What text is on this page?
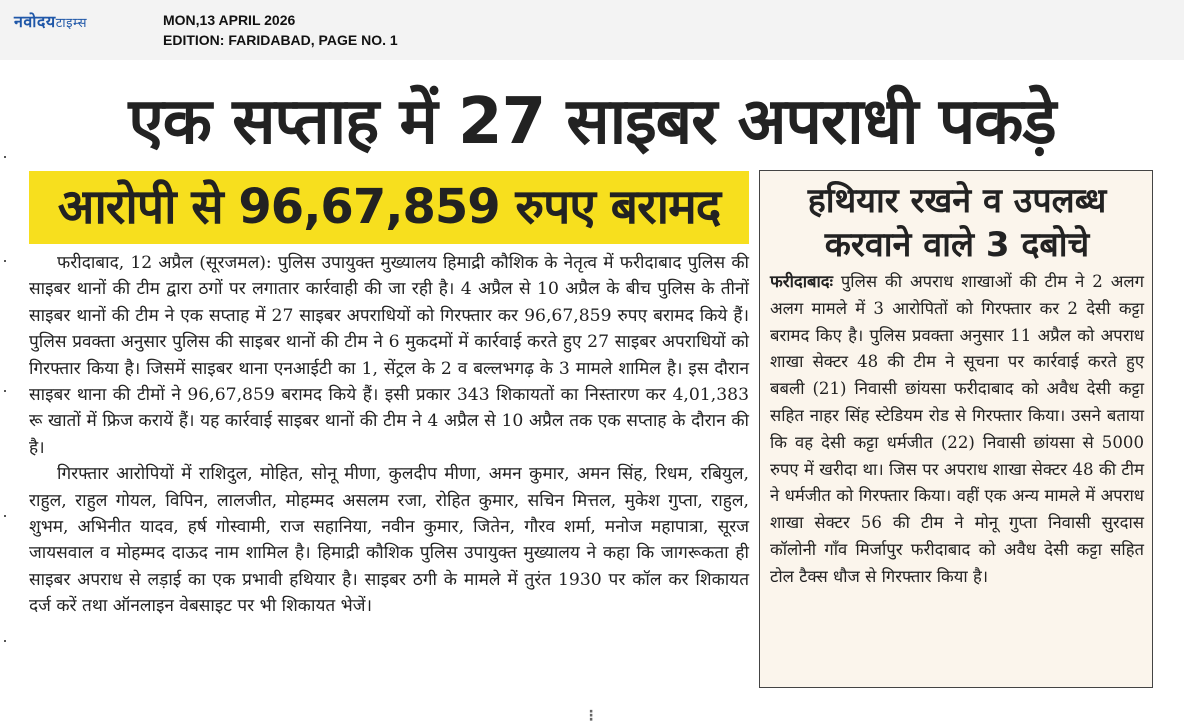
नवोदयटाइम्स	MON,13 APRIL 2026
EDITION: FARIDABAD, PAGE NO. 1
एक सप्ताह में 27 साइबर अपराधी पकड़े
आरोपी से 96,67,859 रुपए बरामद

फरीदाबाद, 12 अप्रैल (सूरजमल): पुलिस उपायुक्त मुख्यालय हिमाद्री कौशिक के नेतृत्व में फरीदाबाद पुलिस की साइबर थानों की टीम द्वारा ठगों पर लगातार कार्रवाही की जा रही है। 4 अप्रैल से 10 अप्रैल के बीच पुलिस के तीनों साइबर थानों की टीम ने एक सप्ताह में 27 साइबर अपराधियों को गिरफ्तार कर 96,67,859 रुपए बरामद किये हैं। पुलिस प्रवक्ता अनुसार पुलिस की साइबर थानों की टीम ने 6 मुकदमों में कार्रवाई करते हुए 27 साइबर अपराधियों को गिरफ्तार किया है। जिसमें साइबर थाना एनआईटी का 1, सेंट्रल के 2 व बल्लभगढ़ के 3 मामले शामिल है। इस दौरान साइबर थाना की टीमों ने 96,67,859 बरामद किये हैं। इसी प्रकार 343 शिकायतों का निस्तारण कर 4,01,383 रू खातों में फ्रिज करायें हैं। यह कार्रवाई साइबर थानों की टीम ने 4 अप्रैल से 10 अप्रैल तक एक सप्ताह के दौरान की है।

गिरफ्तार आरोपियों में राशिदुल, मोहित, सोनू मीणा, कुलदीप मीणा, अमन कुमार, अमन सिंह, रिधम, रबियुल, राहुल, राहुल गोयल, विपिन, लालजीत, मोहम्मद असलम रजा, रोहित कुमार, सचिन मित्तल, मुकेश गुप्ता, राहुल, शुभम, अभिनीत यादव, हर्ष गोस्वामी, राज सहानिया, नवीन कुमार, जितेन, गौरव शर्मा, मनोज महापात्रा, सूरज जायसवाल व मोहम्मद दाऊद नाम शामिल है। हिमाद्री कौशिक पुलिस उपायुक्त मुख्यालय ने कहा कि जागरूकता ही साइबर अपराध से लड़ाई का एक प्रभावी हथियार है। साइबर ठगी के मामले में तुरंत 1930 पर कॉल कर शिकायत दर्ज करें तथा ऑनलाइन वेबसाइट पर भी शिकायत भेजें।

हथियार रखने व उपलब्ध करवाने वाले 3 दबोचे
फरीदाबादः पुलिस की अपराध शाखाओं की टीम ने 2 अलग अलग मामले में 3 आरोपितों को गिरफ्तार कर 2 देसी कट्टा बरामद किए है। पुलिस प्रवक्ता अनुसार 11 अप्रैल को अपराध शाखा सेक्टर 48 की टीम ने सूचना पर कार्रवाई करते हुए बबली (21) निवासी छांयसा फरीदाबाद को अवैध देसी कट्टा सहित नाहर सिंह स्टेडियम रोड से गिरफ्तार किया। उसने बताया कि वह देसी कट्टा धर्मजीत (22) निवासी छांयसा से 5000 रुपए में खरीदा था। जिस पर अपराध शाखा सेक्टर 48 की टीम ने धर्मजीत को गिरफ्तार किया। वहीं एक अन्य मामले में अपराध शाखा सेक्टर 56 की टीम ने मोनू गुप्ता निवासी सुरदास कॉलोनी गाँव मिर्जापुर फरीदाबाद को अवैध देसी कट्टा सहित टोल टैक्स धौज से गिरफ्तार किया है।
⋮
